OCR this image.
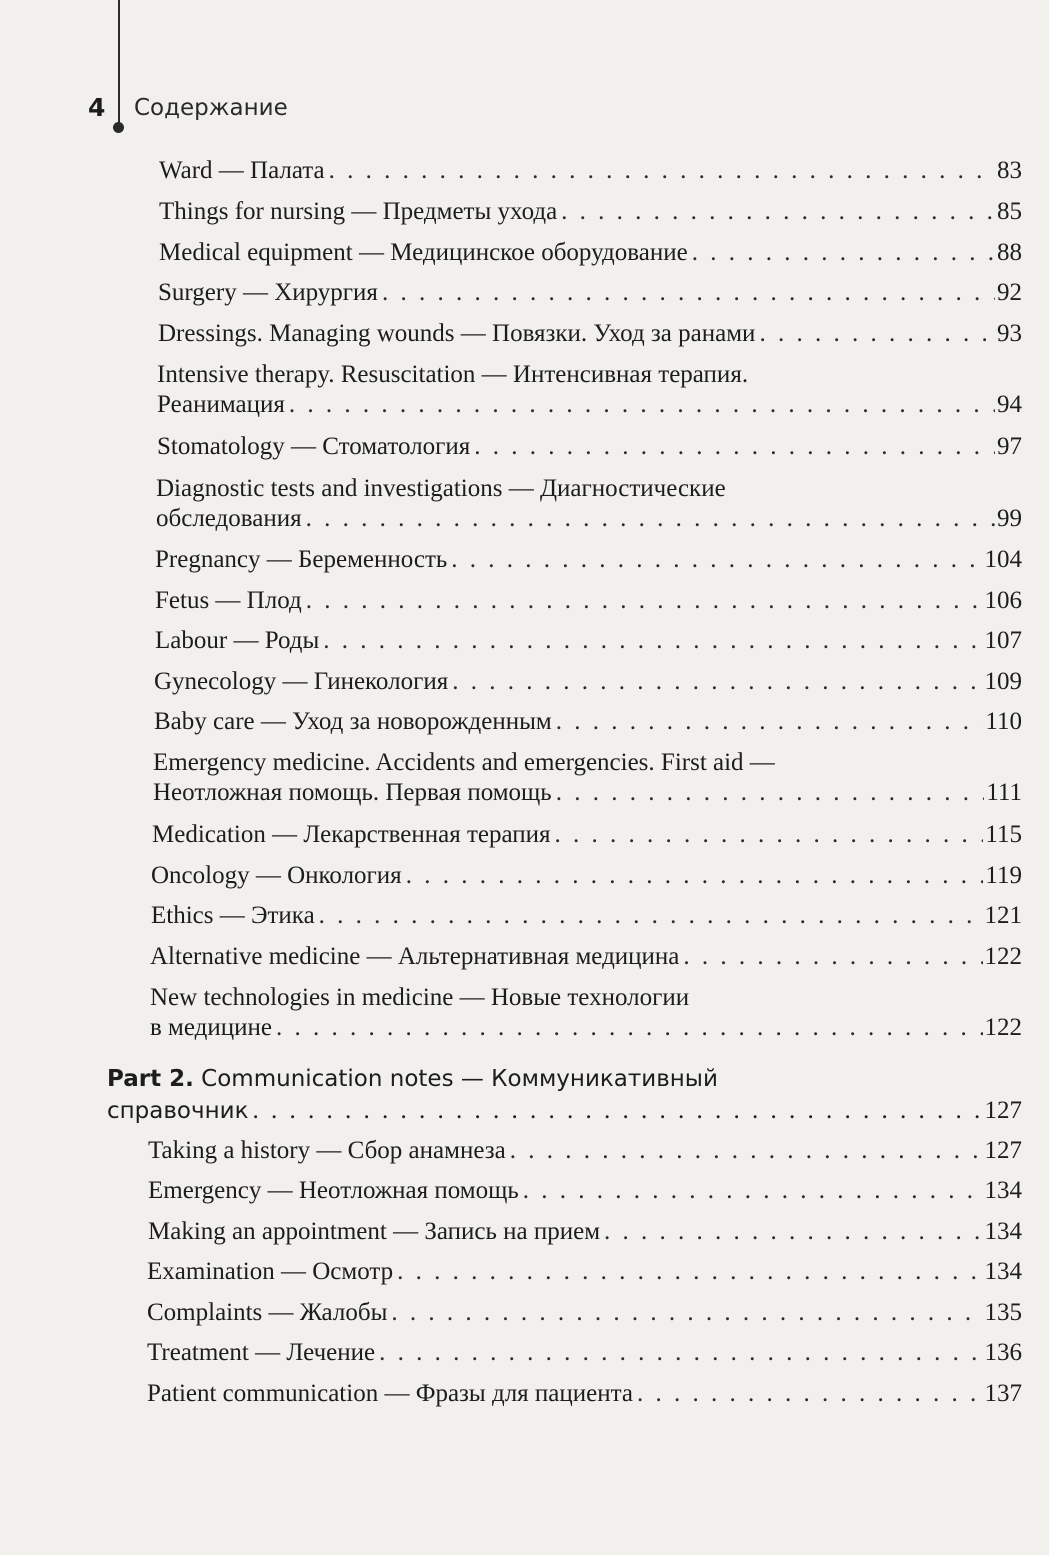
4 Содержание
Ward — Палата . . .	83
Things for nursing — Предметы ухода . . .	85
Medical equipment — Медицинское оборудование . . .	88
Surgery — Хирургия . . .	92
Dressings. Managing wounds — Повязки. Уход за ранами . . .	93
Intensive therapy. Resuscitation — Интенсивная терапия.
Реанимация . . .	94
Stomatology — Стоматология . . .	97
Diagnostic tests and investigations — Диагностические
обследования . . .	99
Pregnancy — Беременность . . .	104
Fetus — Плод . . .	106
Labour — Роды . . .	107
Gynecology — Гинекология . . .	109
Baby care — Уход за новорожденным . . .	110
Emergency medicine. Accidents and emergencies. First aid —
Неотложная помощь. Первая помощь . . .	111
Medication — Лекарственная терапия . . .	115
Oncology — Онкология . . .	119
Ethics — Этика . . .	121
Alternative medicine — Альтернативная медицина . . .	122
New technologies in medicine — Новые технологии
в медицине . . .	122
Part 2. Communication notes — Коммуникативный
справочник . . .	127
Taking a history — Сбор анамнеза . . .	127
Emergency — Неотложная помощь . . .	134
Making an appointment — Запись на прием . . .	134
Examination — Осмотр . . .	134
Complaints — Жалобы . . .	135
Treatment — Лечение . . .	136
Patient communication — Фразы для пациента . . .	137
